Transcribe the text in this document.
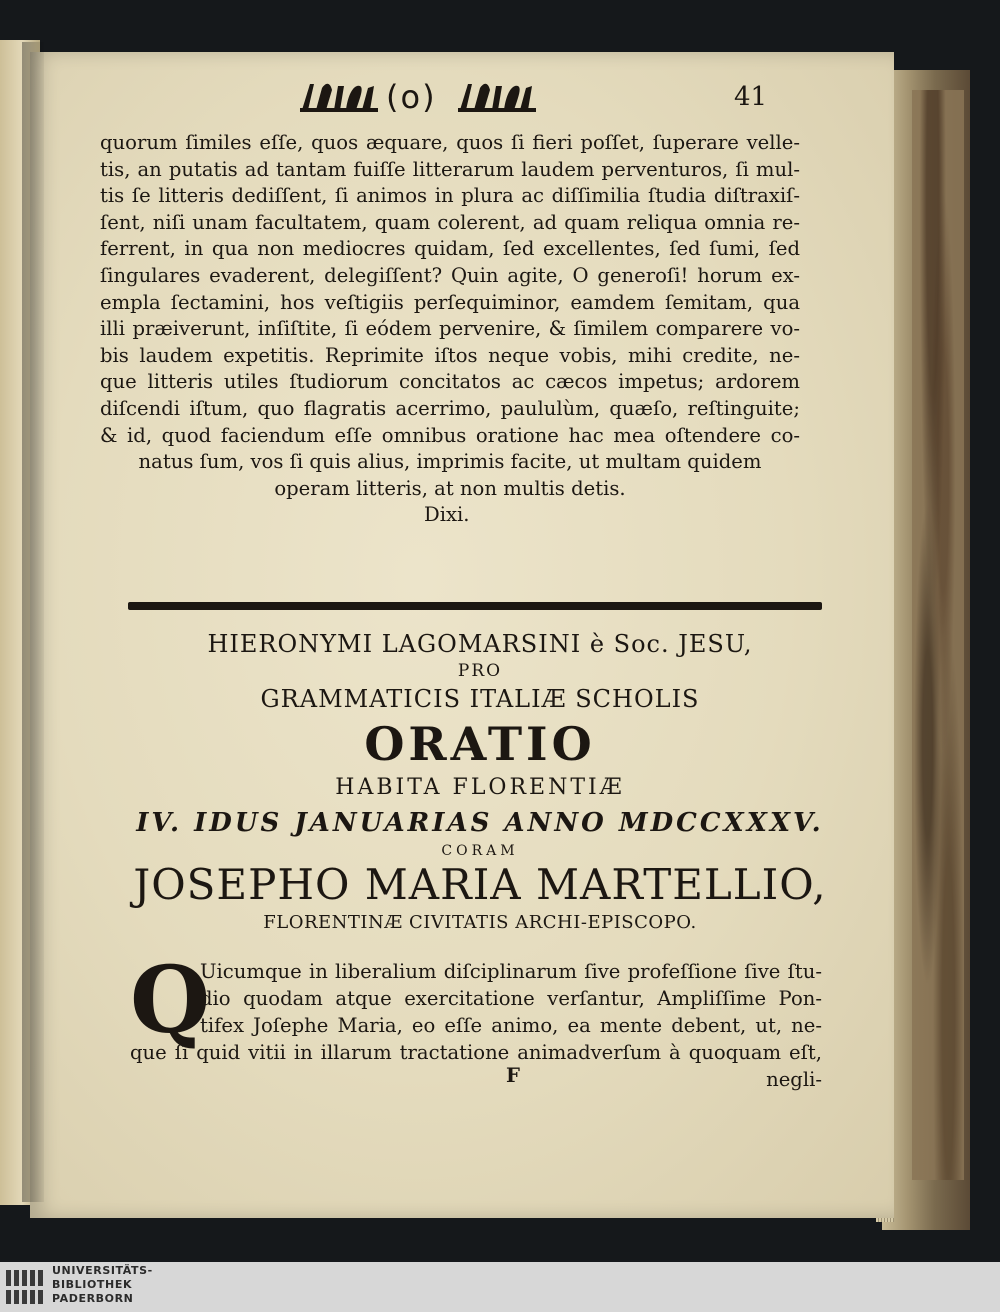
(o)	41
quorum ſimiles eſſe, quos æquare, quos ſi fieri poſſet, ſuperare velle-
tis, an putatis ad tantam fuiſſe litterarum laudem perventuros, ſi mul-
tis ſe litteris dediſſent, ſi animos in plura ac diſſimilia ſtudia diſtraxiſ-
ſent, niſi unam facultatem, quam colerent, ad quam reliqua omnia re-
ferrent, in qua non mediocres quidam, ſed excellentes, ſed ſumi, ſed
ſingulares evaderent, delegiſſent? Quin agite, O generoſi! horum ex-
empla ſectamini, hos veſtigiis perſequiminor, eamdem ſemitam, qua
illi præiverunt, inſiſtite, ſi eódem pervenire, & ſimilem comparere vo-
bis laudem expetitis. Reprimite iſtos neque vobis, mihi credite, ne-
que litteris utiles ſtudiorum concitatos ac cæcos impetus; ardorem
diſcendi iſtum, quo flagratis acerrimo, paululùm, quæſo, reſtinguite;
& id, quod faciendum eſſe omnibus oratione hac mea oſtendere co-
natus ſum, vos ſi quis alius, imprimis facite, ut multam quidem
operam litteris, at non multis detis.
Dixi.
HIERONYMI LAGOMARSINI è Soc. JESU,
PRO
GRAMMATICIS ITALIÆ SCHOLIS
ORATIO
HABITA FLORENTIÆ
IV. IDUS JANUARIAS ANNO MDCCXXXV.
CORAM
JOSEPHO MARIA MARTELLIO,
FLORENTINÆ CIVITATIS ARCHI-EPISCOPO.
Q
Uicumque in liberalium diſciplinarum ſive profeſſione ſive ſtu-
dio quodam atque exercitatione verſantur, Ampliſſime Pon-
tifex Joſephe Maria, eo eſſe animo, ea mente debent, ut, ne-
que ſi quid vitii in illarum tractatione animadverſum à quoquam eſt,
F	negli-
UNIVERSITÄTS-
BIBLIOTHEK
PADERBORN
